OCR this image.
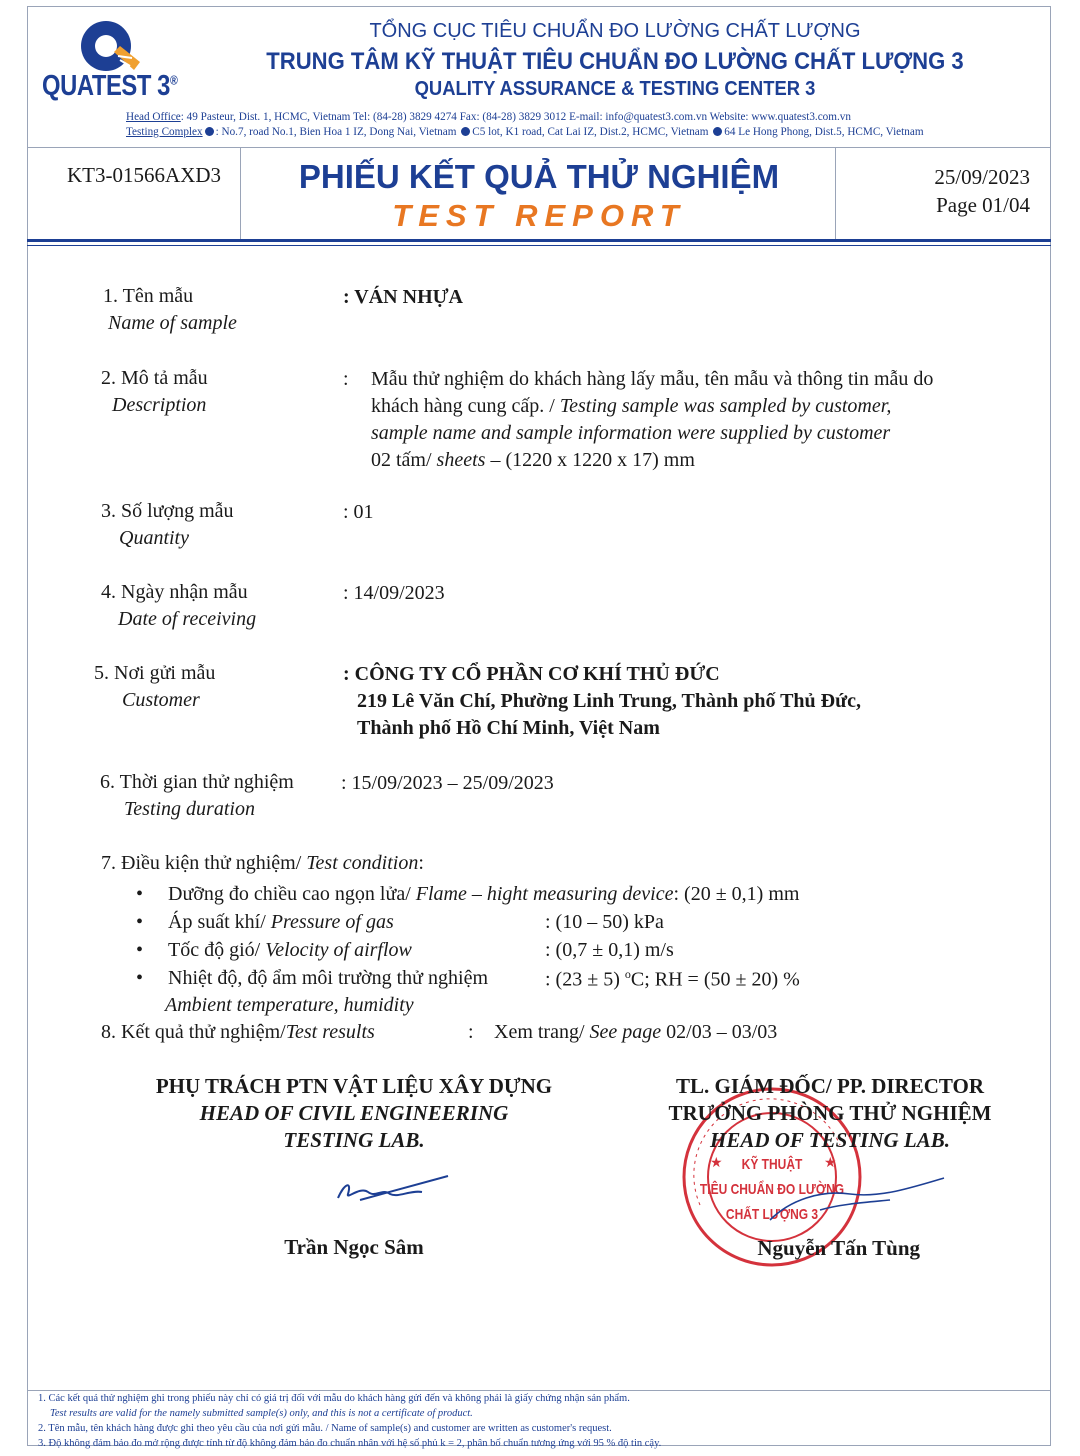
QUATEST 3®
TỔNG CỤC TIÊU CHUẨN ĐO LƯỜNG CHẤT LƯỢNG
TRUNG TÂM KỸ THUẬT TIÊU CHUẨN ĐO LƯỜNG CHẤT LƯỢNG 3
QUALITY ASSURANCE & TESTING CENTER 3
Head Office: 49 Pasteur, Dist. 1, HCMC, Vietnam Tel: (84-28) 3829 4274 Fax: (84-28) 3829 3012 E-mail: info@quatest3.com.vn Website: www.quatest3.com.vn
Testing Complex : No.7, road No.1, Bien Hoa 1 IZ, Dong Nai, Vietnam C5 lot, K1 road, Cat Lai IZ, Dist.2, HCMC, Vietnam 64 Le Hong Phong, Dist.5, HCMC, Vietnam
KT3-01566AXD3	PHIẾU KẾT QUẢ THỬ NGHIỆM
TEST REPORT
25/09/2023
Page 01/04
1. Tên mẫu
Name of sample
: VÁN NHỰA
2. Mô tả mẫu
Description
: Mẫu thử nghiệm do khách hàng lấy mẫu, tên mẫu và thông tin mẫu do
khách hàng cung cấp. / Testing sample was sampled by customer,
sample name and sample information were supplied by customer
02 tấm/ sheets – (1220 x 1220 x 17) mm
3. Số lượng mẫu
Quantity
: 01
4. Ngày nhận mẫu
Date of receiving
: 14/09/2023
5. Nơi gửi mẫu
Customer
: CÔNG TY CỔ PHẦN CƠ KHÍ THỦ ĐỨC
219 Lê Văn Chí, Phường Linh Trung, Thành phố Thủ Đức,
Thành phố Hồ Chí Minh, Việt Nam
6. Thời gian thử nghiệm
Testing duration
: 15/09/2023 – 25/09/2023
7. Điều kiện thử nghiệm/ Test condition:
• Dưỡng đo chiều cao ngọn lửa/ Flame – hight measuring device: (20 ± 0,1) mm
• Áp suất khí/ Pressure of gas	: (10 – 50) kPa
• Tốc độ gió/ Velocity of airflow	: (0,7 ± 0,1) m/s
• Nhiệt độ, độ ẩm môi trường thử nghiệm	: (23 ± 5) $^o$C; RH = (50 ± 20) %
Ambient temperature, humidity
8. Kết quả thử nghiệm/Test results	: Xem trang/ See page 02/03 – 03/03
PHỤ TRÁCH PTN VẬT LIỆU XÂY DỰNG
HEAD OF CIVIL ENGINEERING
TESTING LAB.
Trần Ngọc Sâm
★	★
KỸ THUẬT
TIÊU CHUẨN ĐO LƯỜNG
CHẤT LƯỢNG 3
TL. GIÁM ĐỐC/ PP. DIRECTOR
TRƯỞNG PHÒNG THỬ NGHIỆM
HEAD OF TESTING LAB.
Nguyễn Tấn Tùng
1. Các kết quả thử nghiệm ghi trong phiếu này chỉ có giá trị đối với mẫu do khách hàng gửi đến và không phải là giấy chứng nhận sản phẩm.
Test results are valid for the namely submitted sample(s) only, and this is not a certificate of product.
2. Tên mẫu, tên khách hàng được ghi theo yêu cầu của nơi gửi mẫu. / Name of sample(s) and customer are written as customer's request.
3. Độ không đảm bảo đo mở rộng được tính từ độ không đảm bảo đo chuẩn nhân với hệ số phủ k = 2, phân bố chuẩn tương ứng với 95 % độ tin cậy.
